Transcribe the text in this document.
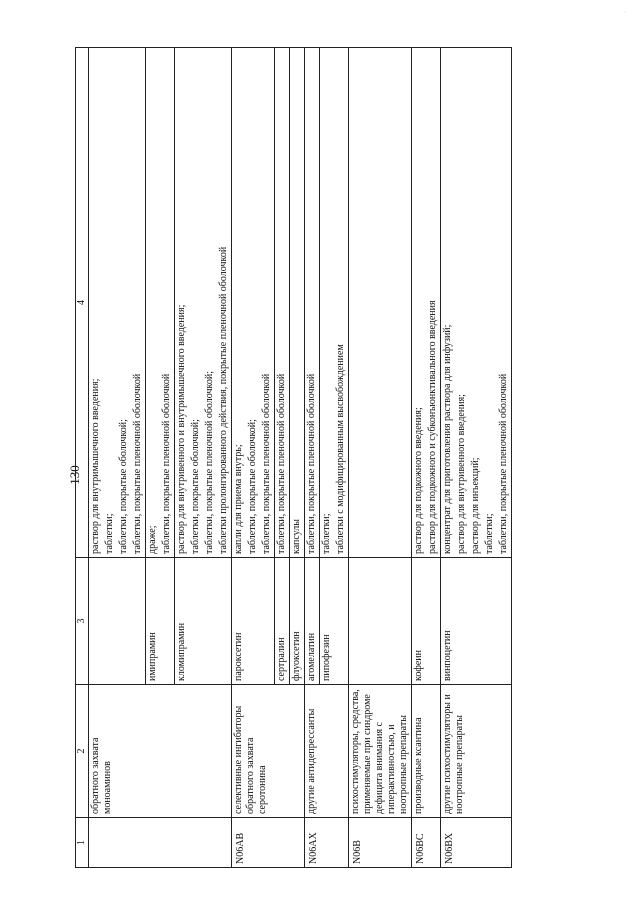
130
·
1	2	3	4
	обратного захвата моноаминов		раствор для внутримышечного введения; таблетки; таблетки, покрытые оболочкой; таблетки, покрытые пленочной оболочкой

		имипрамин	драже; таблетки, покрытые пленочной оболочкой

		кломипрамин	раствор для внутривенного и внутримышечного введения; таблетки, покрытые оболочкой; таблетки, покрытые пленочной оболочкой; таблетки пролонгированного действия, покрытые пленочной оболочкой

N06AB	селективные ингибиторы обратного захвата серотонина	пароксетин	капли для приема внутрь; таблетки, покрытые оболочкой; таблетки, покрытые пленочной оболочкой

		сертралин	таблетки, покрытые пленочной оболочкой

		флуоксетин	капсулы

N06AX	другие антидепрессанты	агомелатин	таблетки, покрытые пленочной оболочкой

		пипофезин	таблетки; таблетки с модифицированным высвобождением

N06B	психостимуляторы, средства, применяемые при синдроме дефицита внимания с гиперактивностью, и ноотропные препараты		
N06BC	производные ксантина	кофеин	раствор для подкожного введения; раствор для подкожного и субконъюнктивального введения

N06BX	другие психостимуляторы и ноотропные препараты	винпоцетин	концентрат для приготовления раствора для инфузий; раствор для внутривенного введения; раствор для инъекций; таблетки; таблетки, покрытые пленочной оболочкой
